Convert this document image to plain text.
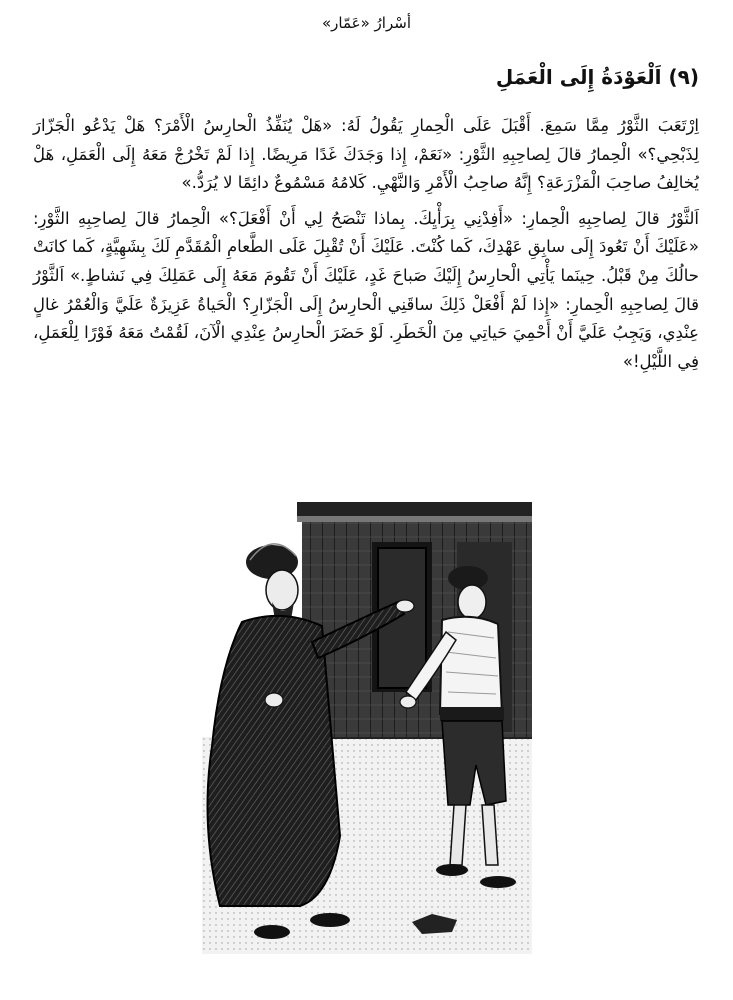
أسْرارُ «عَمّار»
(٩) اَلْعَوْدَةُ إِلَى الْعَمَلِ

اِرْتَعَبَ الثَّوْرُ مِمَّا سَمِعَ. أَقْبَلَ عَلَى الْحِمارِ يَقُولُ لَهُ: «هَلْ يُنَفِّذُ الْحارِسُ الْأَمْرَ؟ هَلْ يَدْعُو الْجَزّارَ لِذَبْحِي؟» الْحِمارُ قالَ لِصاحِبِهِ الثَّوْرِ: «نَعَمْ، إِذا وَجَدَكَ غَدًا مَرِيضًا. إِذا لَمْ تَخْرُجْ مَعَهُ إِلَى الْعَمَلِ، هَلْ يُخالِفُ صاحِبَ الْمَزْرَعَةِ؟ إِنَّهُ صاحِبُ الْأَمْرِ وَالنَّهْيِ. كَلامُهُ مَسْمُوعٌ دائِمًا لا يُرَدُّ.»

اَلثَّوْرُ قالَ لِصاحِبِهِ الْحِمارِ: «أَفِدْنِي بِرَأْيِكَ. بِماذا تَنْصَحُ لِي أَنْ أَفْعَلَ؟» الْحِمارُ قالَ لِصاحِبِهِ الثَّوْرِ: «عَلَيْكَ أَنْ تَعُودَ إِلَى سابِقِ عَهْدِكَ، كَما كُنْتَ. عَلَيْكَ أَنْ تُقْبِلَ عَلَى الطَّعامِ الْمُقَدَّمِ لَكَ بِشَهِيَّةٍ، كَما كانَتْ حالُكَ مِنْ قَبْلُ. حِينَما يَأْتِي الْحارِسُ إِلَيْكَ صَباحَ غَدٍ، عَلَيْكَ أَنْ تَقُومَ مَعَهُ إِلَى عَمَلِكَ فِي نَشاطٍ.» اَلثَّوْرُ قالَ لِصاحِبِهِ الْحِمارِ: «إِذا لَمْ أَفْعَلْ ذَلِكَ ساقَنِي الْحارِسُ إِلَى الْجَزّارِ؟ الْحَياةُ عَزِيزَةٌ عَلَيَّ وَالْعُمْرُ غالٍ عِنْدِي، وَيَجِبُ عَلَيَّ أَنْ أَحْمِيَ حَياتِي مِنَ الْخَطَرِ. لَوْ حَضَرَ الْحارِسُ عِنْدِي الْآنَ، لَقُمْتُ مَعَهُ فَوْرًا لِلْعَمَلِ، فِي اللَّيْلِ!»
